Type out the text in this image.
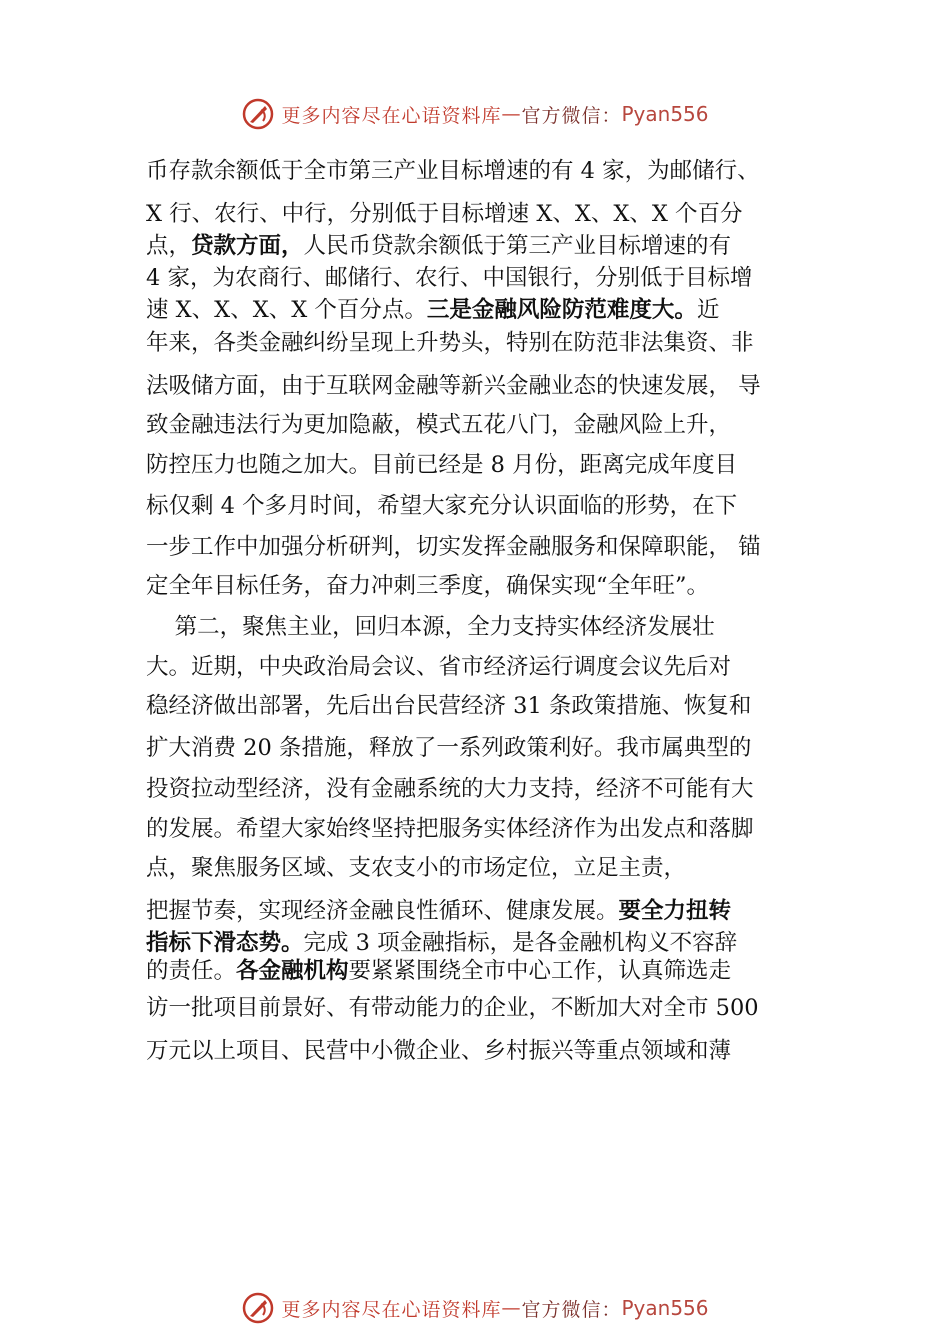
更多内容尽在心语资料库 — 官方微信： Pyan556
币存款余额低于全市第三产业目标增速的有 4 家，为邮储行、
X 行、农行、中行，分别低于目标增速 X、X、X、X 个百分
点，贷款方面，人民币贷款余额低于第三产业目标增速的有
4 家，为农商行、邮储行、农行、中国银行，分别低于目标增
速 X、X、X、X 个百分点。三是金融风险防范难度大。近
年来，各类金融纠纷呈现上升势头，特别在防范非法集资、非
法吸储方面，由于互联网金融等新兴金融业态的快速发展， 导
致金融违法行为更加隐蔽，模式五花八门，金融风险上升，
防控压力也随之加大。目前已经是 8 月份，距离完成年度目
标仅剩 4 个多月时间，希望大家充分认识面临的形势，在下
一步工作中加强分析研判，切实发挥金融服务和保障职能， 锚
定全年目标任务，奋力冲刺三季度，确保实现“全年旺”。
第二，聚焦主业，回归本源，全力支持实体经济发展壮
大。近期，中央政治局会议、省市经济运行调度会议先后对
稳经济做出部署，先后出台民营经济 31 条政策措施、恢复和
扩大消费 20 条措施，释放了一系列政策利好。我市属典型的
投资拉动型经济，没有金融系统的大力支持，经济不可能有大
的发展。希望大家始终坚持把服务实体经济作为出发点和落脚
点，聚焦服务区域、支农支小的市场定位，立足主责，
把握节奏，实现经济金融良性循环、健康发展。要全力扭转
指标下滑态势。完成 3 项金融指标，是各金融机构义不容辞
的责任。各金融机构要紧紧围绕全市中心工作，认真筛选走
访一批项目前景好、有带动能力的企业，不断加大对全市 500
万元以上项目、民营中小微企业、乡村振兴等重点领域和薄
更多内容尽在心语资料库 — 官方微信： Pyan556
